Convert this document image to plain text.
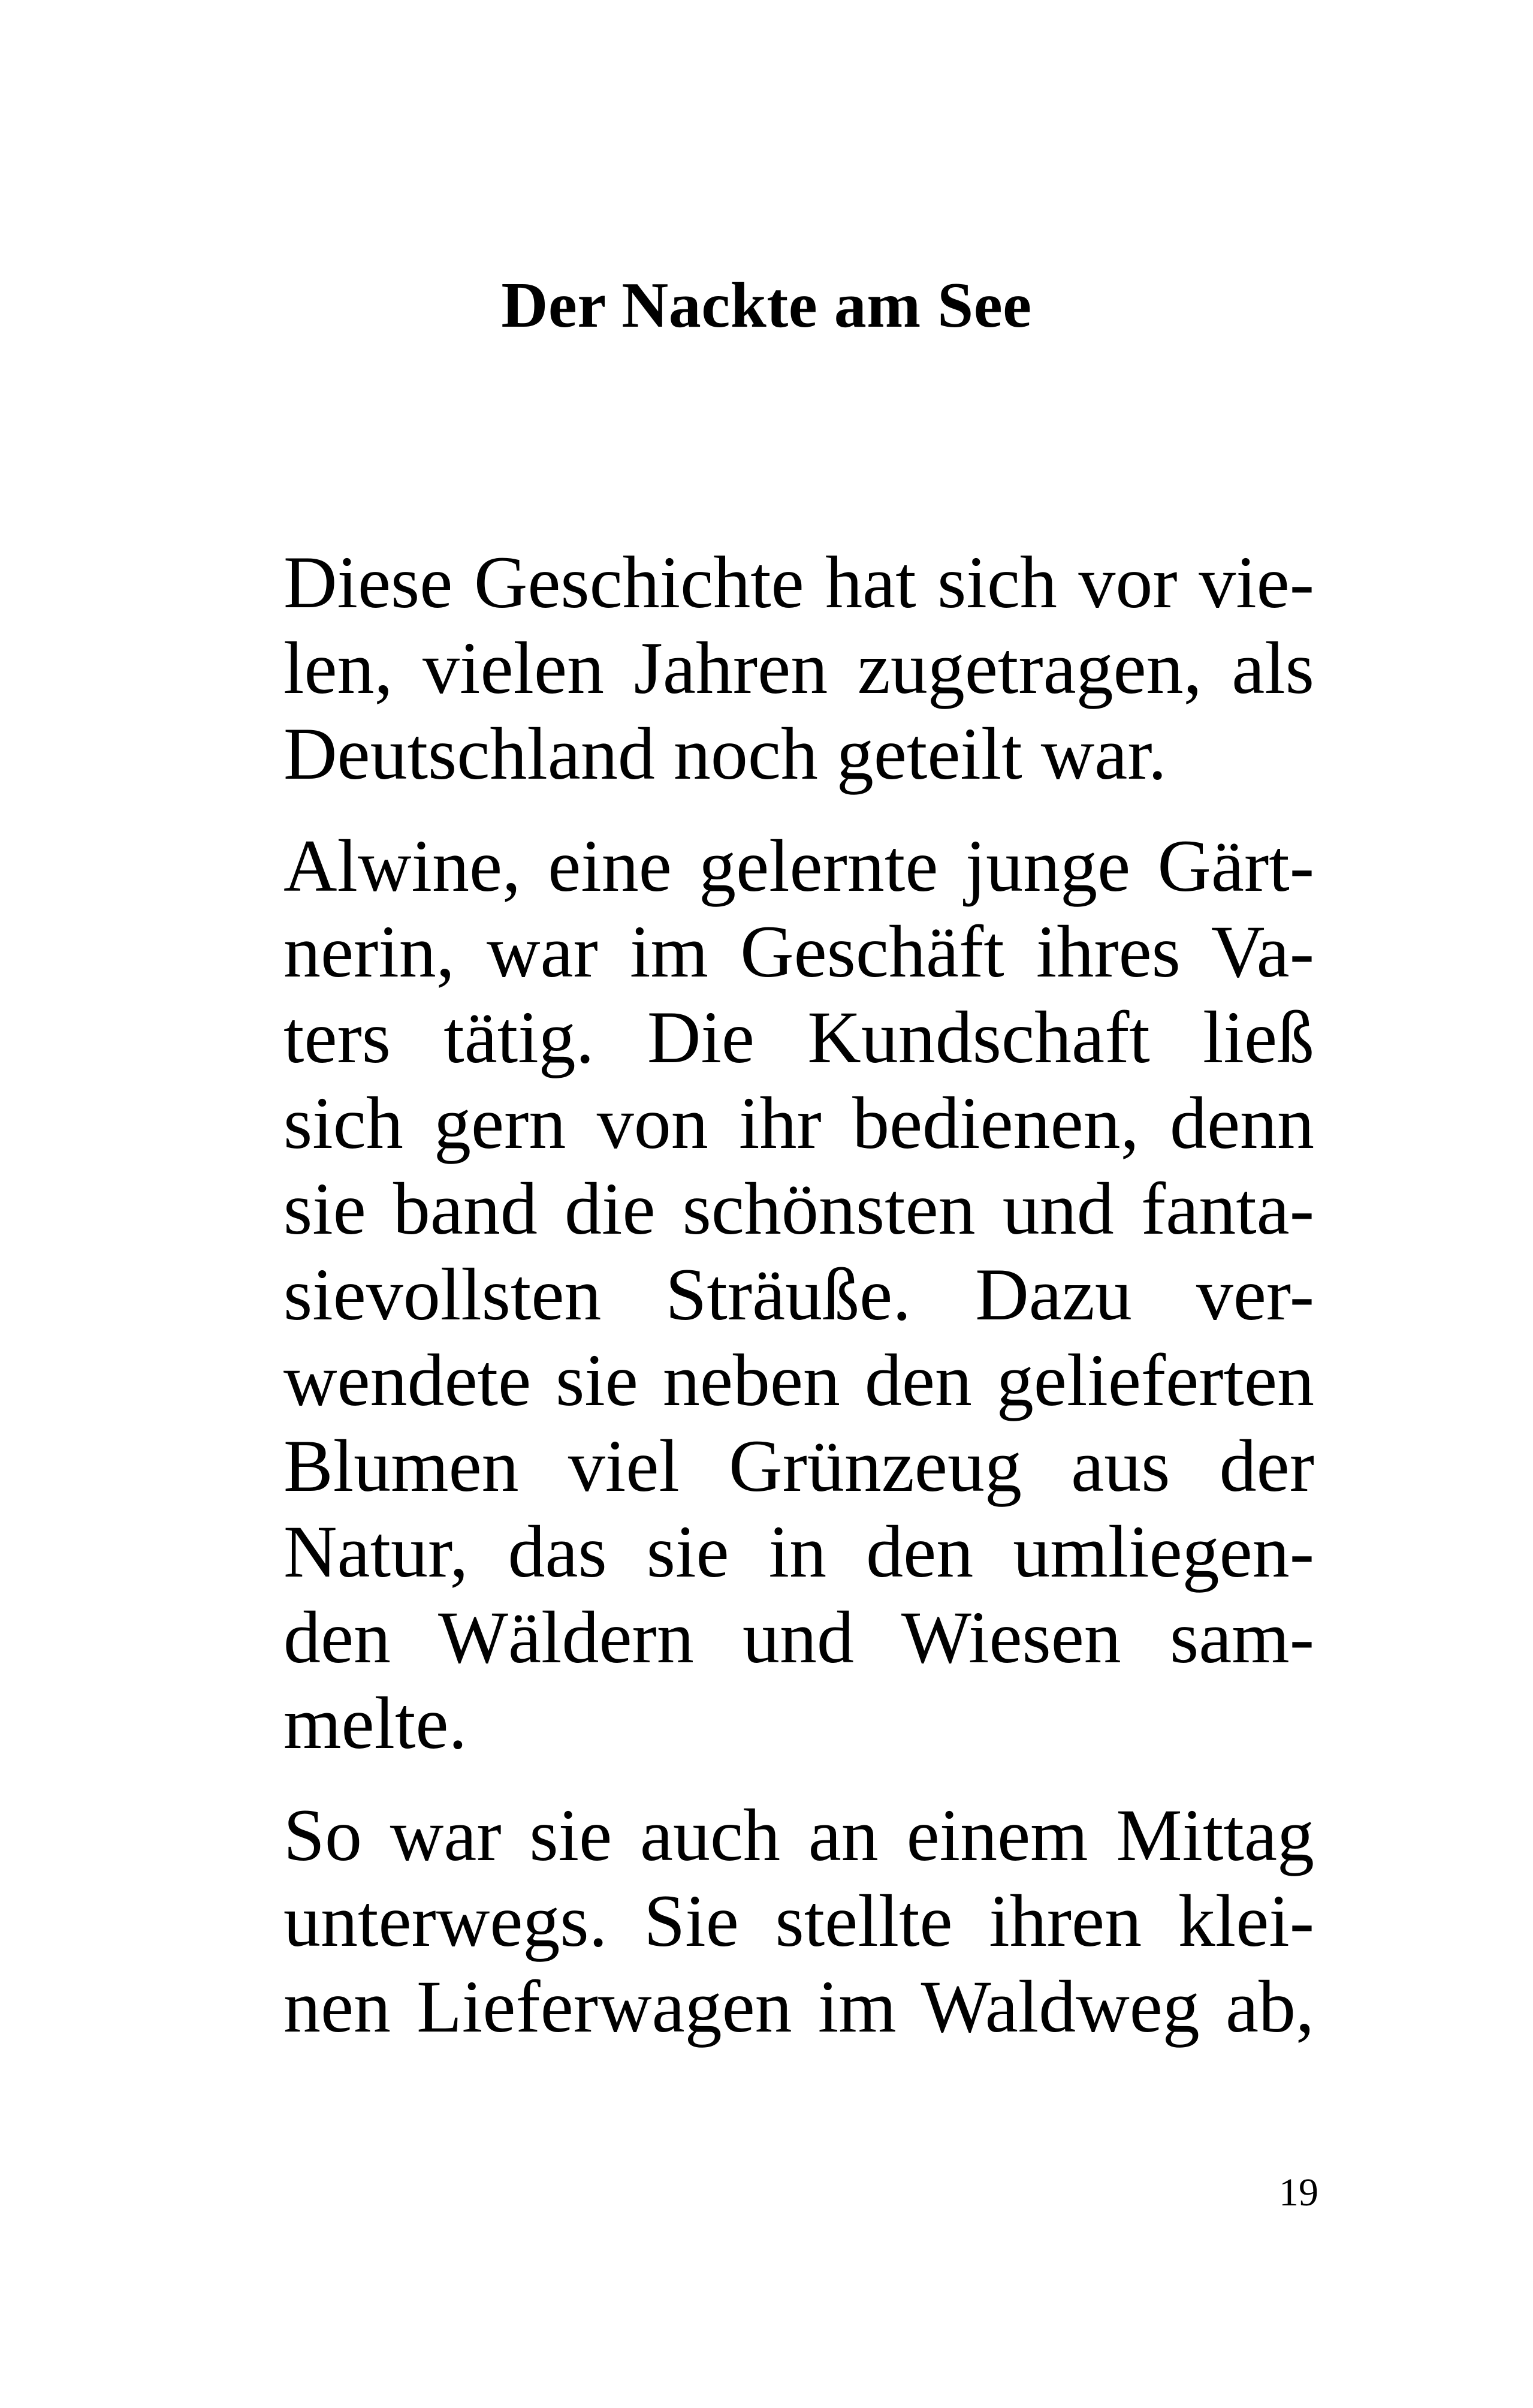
Der Nackte am See

Diese Geschichte hat sich vor vie-
len, vielen Jahren zugetragen, als
Deutschland noch geteilt war.

Alwine, eine gelernte junge Gärt-
nerin, war im Geschäft ihres Va-
ters tätig. Die Kundschaft ließ
sich gern von ihr bedienen, denn
sie band die schönsten und fanta-
sievollsten Sträuße. Dazu ver-
wendete sie neben den gelieferten
Blumen viel Grünzeug aus der
Natur, das sie in den umliegen-
den Wäldern und Wiesen sam-
melte.

So war sie auch an einem Mittag
unterwegs. Sie stellte ihren klei-
nen Lieferwagen im Waldweg ab,

19
